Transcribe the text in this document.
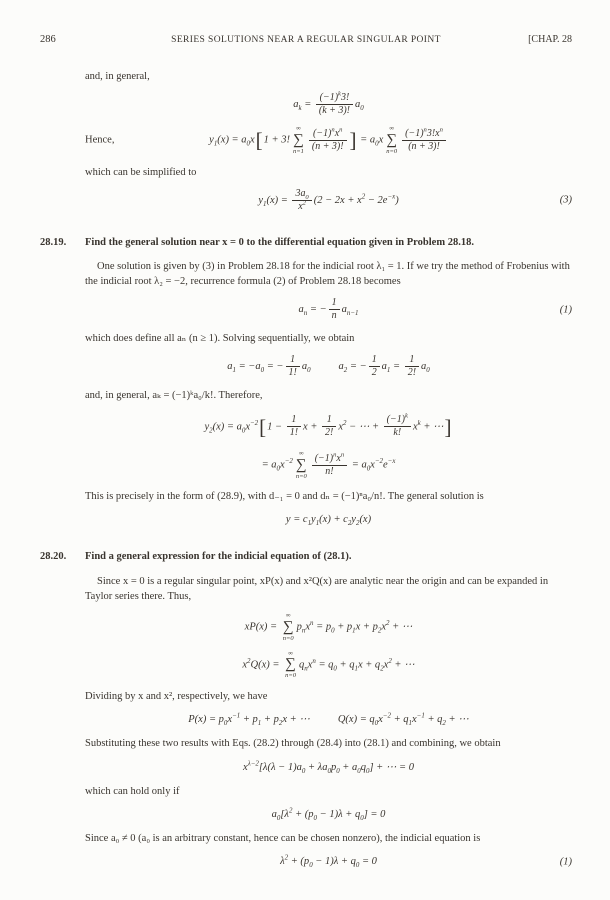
286	SERIES SOLUTIONS NEAR A REGULAR SINGULAR POINT	[CHAP. 28

and, in general,

$a_k = \frac{(-1)^k3!}{(k + 3)!} a_0$
Hence,	$y_1(x) = a_0x[1 + 3$!
∞
∑
$n=1 \frac{(-1)^nx^n}{(n + 3)!}$ ] = $a_0x$
∞
∑
$n=0 \frac{(-1)^n3!x^n}{(n + 3)!}$

which can be simplified to

$y_1(x) = \frac{3a_0}{x^2} (2 - 2x + x^2 - 2e^{-x})$	(3)
28.19. Find the general solution near x = 0 to the differential equation given in Problem 28.18.

One solution is given by (3) in Problem 28.18 for the indicial root λ₁ = 1. If we try the method of Frobenius with the indicial root λ₂ = −2, recurrence formula (2) of Problem 28.18 becomes

$a_n$ = − $\frac{1}{n} a_{n-1}$	(1)

which does define all aₙ (n ≥ 1). Solving sequentially, we obtain

$a_1 = -a_0$ = − $\frac{1}{1!} a_0$	$a_2$ = − $\frac{1}{2} a_1 = \frac{1}{2!} a_0$

and, in general, aₖ = (−1)ᵏa₀/k!. Therefore,

$y_2(x) = a_0x^{-2}[1 - \frac{1}{1!}$ $x + \frac{1}{2!} x^2$ − ⋯ + $\frac{(-1)^k}{k!} x^k$ + ⋯]
= $a_0x^{-2}$
∞
∑
$n=0 \frac{(-1)^nx^n}{n!} = a_0x^{-2}e^{-x}$

This is precisely in the form of (28.9), with d₋₁ = 0 and dₙ = (−1)ⁿa₀/n!. The general solution is

$y = c_1y_1(x) + c_2y_2(x)$
28.20. Find a general expression for the indicial equation of (28.1).

Since x = 0 is a regular singular point, xP(x) and x²Q(x) are analytic near the origin and can be expanded in Taylor series there. Thus,

xP(x) =
∞
∑
n=0
$p_nx^n = p_0 + p_1x + p_2x^2$ + ⋯
$x^2Q(x)$ =
∞
∑
n=0
$q_nx^n = q_0 + q_1x + q_2x^2$ + ⋯

Dividing by x and x², respectively, we have

$P(x) = p_0x^{-1} + p_1 + p_2x$ + ⋯	$Q(x) = q_0x^{-2} + q_1x^{-1} + q_2$ + ⋯

Substituting these two results with Eqs. (28.2) through (28.4) into (28.1) and combining, we obtain

$x^{\lambda-2}[\lambda(\lambda - 1)a_0 + \lambda a_0p_0 + a_0q_0]$ + ⋯ = 0

which can hold only if

$a_0[\lambda^2 + (p_0 - 1)\lambda + q_0] = 0$

Since a₀ ≠ 0 (a₀ is an arbitrary constant, hence can be chosen nonzero), the indicial equation is

$\lambda^2 + (p_0 - 1)\lambda + q_0 = 0$	(1)
